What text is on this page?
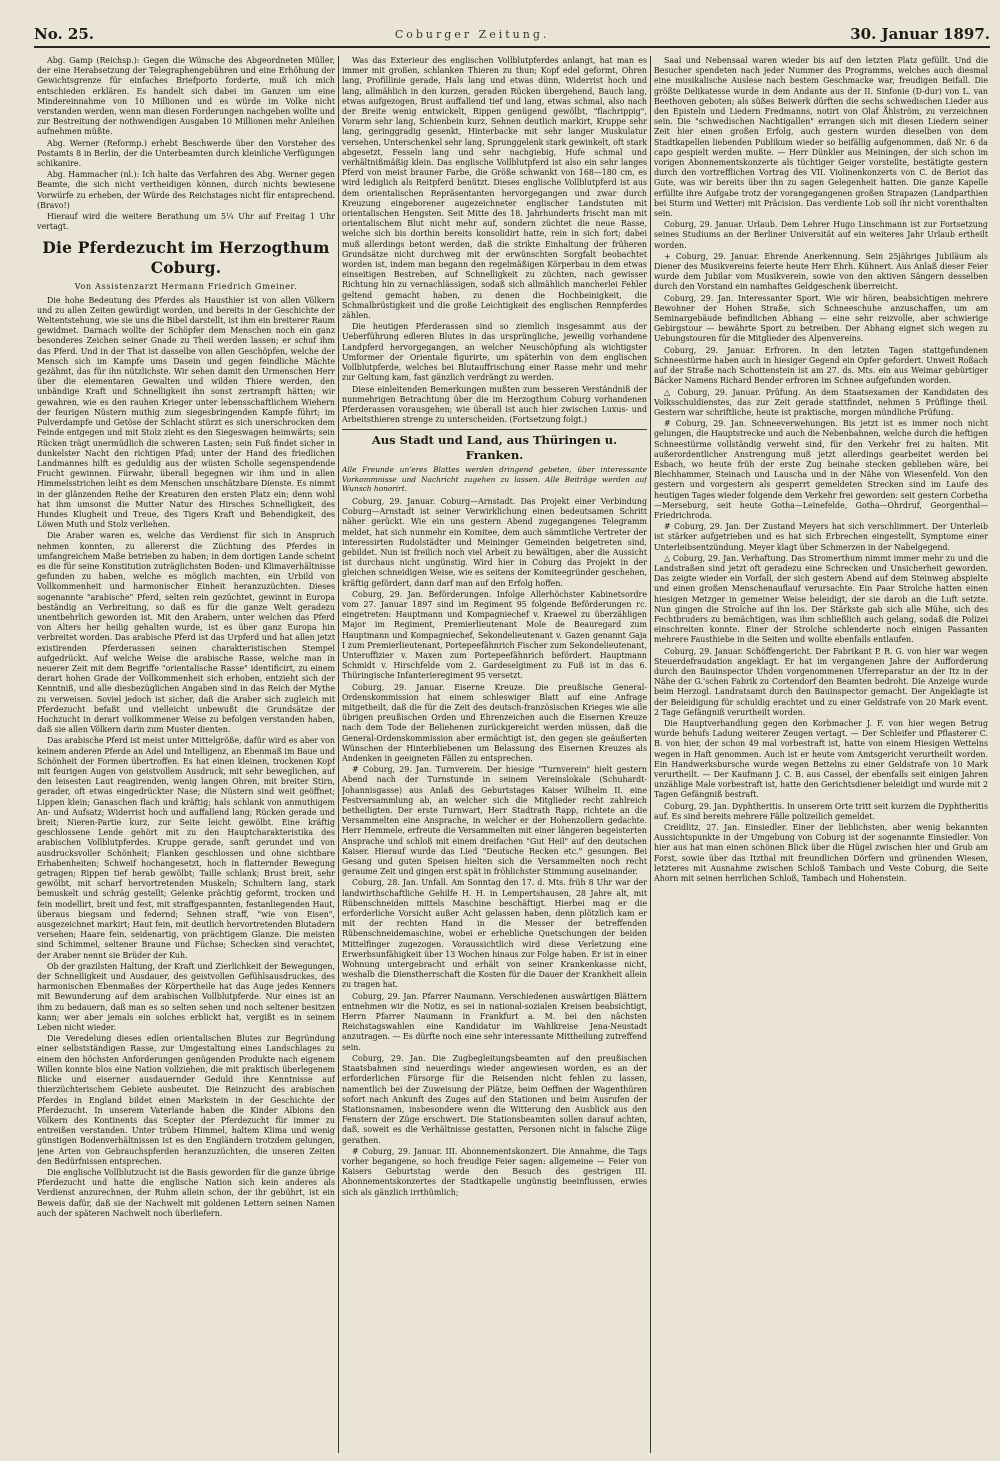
No. 25.	Coburger Zeitung.	30. Januar 1897.

Abg. Gamp (Reichsp.): Gegen die Wünsche des Abgeordneten Müller, der eine Herabsetzung der Telegraphengebühren und eine Erhöhung der Gewichtsgrenze für einfaches Briefporto forderte, muß ich mich entschieden erklären. Es handelt sich dabei im Ganzen um eine Mindereinnahme von 10 Millionen und es würde im Volke nicht verstanden werden, wenn man diesen Forderungen nachgeben wollte und zur Bestreitung der nothwendigen Ausgaben 10 Millionen mehr Anleihen aufnehmen müßte.

Abg. Werner (Reformp.) erhebt Beschwerde über den Vorsteher des Postamts 8 in Berlin, der die Unterbeamten durch kleinliche Verfügungen schikanire.

Abg. Hammacher (nl.): Ich halte das Verfahren des Abg. Werner gegen Beamte, die sich nicht vertheidigen können, durch nichts bewiesene Vorwürfe zu erheben, der Würde des Reichstages nicht für entsprechend. (Bravo!)

Hierauf wird die weitere Berathung um 5¼ Uhr auf Freitag 1 Uhr vertagt.

Die Pferdezucht im Herzogthum Coburg.
Von Assistenzarzt Hermann Friedrich Gmeiner.

Die hohe Bedeutung des Pferdes als Hausthier ist von allen Völkern und zu allen Zeiten gewürdigt worden, und bereits in der Geschichte der Weltentstehung, wie sie uns die Bibel darstellt, ist ihm ein breiterer Raum gewidmet. Darnach wollte der Schöpfer dem Menschen noch ein ganz besonderes Zeichen seiner Gnade zu Theil werden lassen; er schuf ihm das Pferd. Und in der That ist dasselbe von allen Geschöpfen, welche der Mensch sich im Kampfe ums Dasein und gegen feindliche Mächte gezähmt, das für ihn nützlichste. Wir sehen damit den Urmenschen Herr über die elementaren Gewalten und wilden Thiere werden, den unbändige Kraft und Schnelligkeit ihn sonst zertrampft hätten; wir gewahren, wie es den rauhen Krieger unter lebensschaftlichem Wiehern der feurigen Nüstern muthig zum siegesbringenden Kampfe führt; im Pulverdampfe und Getöse der Schlacht stürzt es sich unerschrocken dem Feinde entgegen und mit Stolz zieht es den Siegeswagen heimwärts; sein Rücken trägt unermüdlich die schweren Lasten; sein Fuß findet sicher in dunkelster Nacht den richtigen Pfad; unter der Hand des friedlichen Landmannes hilft es geduldig aus der wüsten Scholle segenspendende Frucht gewinnen. Fürwahr, überall begegnen wir ihm und in allen Himmelsstrichen leiht es dem Menschen unschätzbare Dienste. Es nimmt in der glänzenden Reihe der Kreaturen den ersten Platz ein; denn wohl hat ihm umsonst die Mutter Natur des Hirsches Schnelligkeit, des Hundes Klugheit und Treue, des Tigers Kraft und Behendigkeit, des Löwen Muth und Stolz verliehen.

Die Araber waren es, welche das Verdienst für sich in Anspruch nehmen konnten, zu allererst die Züchtung des Pferdes in umfangreichem Maße betrieben zu haben; in dem dortigen Lande scheint es die für seine Konstitution zuträglichsten Boden- und Klimaverhältnisse gefunden zu haben, welche es möglich machten, ein Urbild von Vollkommenheit und harmonischer Einheit heranzuzüchten. Dieses sogenannte "arabische" Pferd, selten rein gezüchtet, gewinnt in Europa beständig an Verbreitung, so daß es für die ganze Welt geradezu unentbehrlich geworden ist. Mit den Arabern, unter welchen das Pferd von Alters her heilig gehalten wurde, ist es über ganz Europa hin verbreitet worden. Das arabische Pferd ist das Urpferd und hat allen jetzt existirenden Pferderassen seinen charakteristischen Stempel aufgedrückt. Auf welche Weise die arabische Rasse, welche man in neuerer Zeit mit dem Begriffe "orientalische Rasse" identificirt, zu einem derart hohen Grade der Vollkommenheit sich erhoben, entzieht sich der Kenntniß, und alle diesbezüglichen Angaben sind in das Reich der Mythe zu verweisen. Soviel jedoch ist sicher, daß die Araber sich zugleich mit Pferdezucht befaßt und vielleicht unbewußt die Grundsätze der Hochzucht in derart vollkommener Weise zu befolgen verstanden haben, daß sie allen Völkern darin zum Muster dienten.

Das arabische Pferd ist meist unter Mittelgröße, dafür wird es aber von keinem anderen Pferde an Adel und Intelligenz, an Ebenmaß im Baue und Schönheit der Formen übertroffen. Es hat einen kleinen, trockenen Kopf mit feurigen Augen von geistvollem Ausdruck, mit sehr beweglichen, auf den leisesten Laut reagirenden, wenig langen Ohren, mit breiter Stirn, gerader, oft etwas eingedrückter Nase; die Nüstern sind weit geöffnet; Lippen klein; Ganaschen flach und kräftig; hals schlank von anmuthigem An- und Aufsatz; Widerrist hoch und auffallend lang; Rücken gerade und breit; Nieren-Partie kurz, zur Seite leicht gewölbt. Eine kräftig geschlossene Lende gehört mit zu den Hauptcharakteristika des arabischen Vollblutpferdes. Kruppe gerade, sanft gerundet und von ausdrucksvoller Schönheit; Flanken geschlossen und ohne sichtbare Erhabenheiten; Schweif hochangesetzt, hoch in flatternder Bewegung getragen; Rippen tief herab gewölbt; Taille schlank; Brust breit, sehr gewölbt, mit scharf hervortretenden Muskeln; Schultern lang, stark bemuskelt und schräg gestellt; Gelenke prächtig geformt, trocken und fein modellirt, breit und fest, mit straffgespannten, festanliegenden Haut, überaus biegsam und federnd; Sehnen straff, "wie von Eisen", ausgezeichnet markirt; Haut fein, mit deutlich hervortretenden Blutadern versehen; Haare fein, seidenartig, von prächtigem Glanze. Die meisten sind Schimmel, seltener Braune und Füchse; Schecken sind verachtet, der Araber nennt sie Brüder der Kuh.

Ob der grazilsten Haltung, der Kraft und Zierlichkeit der Bewegungen, der Schnelligkeit und Ausdauer, des geistvollen Gefühlsausdruckes, des harmonischen Ebenmaßes der Körpertheile hat das Auge jedes Kenners mit Bewunderung auf dem arabischen Vollblutpferde. Nur eines ist an ihm zu bedauern, daß man es so selten sehen und noch seltener besitzen kann; wer aber jemals ein solches erblickt hat, vergißt es in seinem Leben nicht wieder.

Die Veredelung dieses edlen orientalischen Blutes zur Begründung einer selbstständigen Rasse, zur Umgestaltung eines Landschlages zu einem den höchsten Anforderungen genügenden Produkte nach eigenem Willen konnte blos eine Nation vollziehen, die mit praktisch überlegenem Blicke und eiserner ausdauernder Geduld ihre Kenntnisse auf thierzüchterischem Gebiete ausbeutet. Die Reinzucht des arabischen Pferdes in England bildet einen Markstein in der Geschichte der Pferdezucht. In unserem Vaterlande haben die Kinder Albions den Völkern des Kontinents das Scepter der Pferdezucht für immer zu entreißen verstanden. Unter trübem Himmel, haltem Klima und wenig günstigen Bodenverhältnissen ist es den Engländern trotzdem gelungen, jene Arten von Gebrauchspferden heranzuzüchten, die unseren Zeiten den Bedürfnissen entsprechen.

Die englische Vollblutzucht ist die Basis geworden für die ganze übrige Pferdezucht und hatte die englische Nation sich kein anderes als Verdienst anzurechnen, der Ruhm allein schon, der ihr gebührt, ist ein Beweis dafür, daß sie der Nachwelt mit goldenen Lettern seinen Namen auch der späteren Nachwelt noch überliefern.

Was das Exterieur des englischen Vollblutpferdes anlangt, hat man es immer mit großen, schlanken Thieren zu thun; Kopf edel geformt, Ohren lang, Profillinie gerade, Hals lang und etwas dünn, Widerrist hoch und lang, allmählich in den kurzen, geraden Rücken übergehend, Bauch lang, etwas aufgezogen, Brust auffallend tief und lang, etwas schmal, also nach der Breite wenig entwickelt, Rippen genügend gewölbt, "flachrippig", Vorarm sehr lang, Schienbein kurz, Sehnen deutlich markirt, Kruppe sehr lang, geringgradig gesenkt, Hinterbacke mit sehr langer Muskulatur versehen, Unterschenkel sehr lang, Sprunggelenk stark gewinkelt, oft stark abgesetzt, Fesseln lang und sehr nachgiebig, Hufe schmal und verhältnißmäßig klein. Das englische Vollblutpferd ist also ein sehr langes Pferd von meist brauner Farbe, die Größe schwankt von 168—180 cm, es wird lediglich als Reitpferd benützt. Dieses englische Vollblutpferd ist aus dem orientalischen Repräsentanten hervorgegangen und zwar durch Kreuzung eingeborener augezeichneter englischer Landstuten mit orientalischen Hengsten. Seit Mitte des 18. Jahrhunderts frischt man mit orientalischem Blut nicht mehr auf, sondern züchtet die neue Rasse, welche sich bis dorthin bereits konsolidirt hatte, rein in sich fort; dabei muß allerdings betont werden, daß die strikte Einhaltung der früheren Grundsätze nicht durchweg mit der erwünschten Sorgfalt beobachtet worden ist, indem man begann den regelmäßigen Körperbau in dem etwas einseitigen Bestreben, auf Schnelligkeit zu züchten, nach gewisser Richtung hin zu vernachlässigen, sodaß sich allmählich mancherlei Fehler geltend gemacht haben, zu denen die Hochbeinigkeit, die Schmalbrüstigkeit und die große Leichtigkeit des englischen Rennpferdes zählen.

Die heutigen Pferderassen sind so ziemlich insgesammt aus der Ueberführung edleren Blutes in das ursprüngliche, jeweilig vorhandene Landpferd hervorgegangen, an welcher Neuschöpfung als wichtigster Umformer der Orientale figurirte, um späterhin von dem englischen Vollblutpferde, welches bei Blutauffrischung einer Rasse mehr und mehr zur Geltung kam, fast gänzlich verdrängt zu werden.

Diese einleitenden Bemerkungen mußten zum besseren Verständniß der nunmehrigen Betrachtung über die im Herzogthum Coburg vorhandenen Pferderassen vorausgehen; wie überall ist auch hier zwischen Luxus- und Arbeitsthieren strenge zu unterscheiden. (Fortsetzung folgt.)

Aus Stadt und Land, aus Thüringen u. Franken.
Alle Freunde un'eres Blattes werden dringend gebeten, über interessante Vorkommnisse und Nachricht zugehen zu lassen. Alle Beiträge werden auf Wunsch honorirt.

Coburg, 29. Januar. Coburg—Arnstadt. Das Projekt einer Verbindung Coburg—Arnstadt ist seiner Verwirklichung einen bedeutsamen Schritt näher gerückt. Wie ein uns gestern Abend zugegangenes Telegramm meldet, hat sich nunmehr ein Komitee, dem auch sämmtliche Vertreter der interessirten Rudolstädter und Meininger Gemeinden beigetreten sind, gebildet. Nun ist freilich noch viel Arbeit zu bewältigen, aber die Aussicht ist durchaus nicht ungünstig. Wird hier in Coburg das Projekt in der gleichen schneidigen Weise, wie es seitens der Komiteegründer geschehen, kräftig gefördert, dann darf man auf den Erfolg hoffen.

Coburg, 29. Jan. Beförderungen. Infolge Allerhöchster Kabinetsordre vom 27. Januar 1897 sind im Regiment 95 folgende Beförderungen rc. eingetreten: Hauptmann und Kompagniechef v. Kraewel zu überzähligen Major im Regiment, Premierlieutenant Mole de Beauregard zum Hauptmann und Kompagniechef, Sekondelieutenant v. Gazen genannt Gaja I zum Premierlieutenant, Portepeefähnrich Fischer zum Sekondelieutenant, Unteroffizier v. Maxen zum Portepeefähnrich befördert. Hauptmann Schmidt v. Hirschfelde vom 2. Gardeselgiment zu Fuß ist in das 6. Thüringische Infanterieregiment 95 versetzt.

Coburg, 29. Januar. Eiserne Kreuze. Die preußische General-Ordenskommission hat einem schleswiger Blatt auf eine Anfrage mitgetheilt, daß die für die Zeit des deutsch-französischen Krieges wie alle übrigen preußischen Orden und Ehrenzeichen auch die Eisernen Kreuze nach dem Tode der Beliehenen zurückgereicht werden müssen, daß die General-Ordenskommission aber ermächtigt ist, den gegen sie geäußerten Wünschen der Hinterbliebenen um Belassung des Eisernen Kreuzes als Andenken in geeigneten Fällen zu entsprechen.

# Coburg, 29. Jan. Turnverein. Der hiesige "Turnverein" hielt gestern Abend nach der Turnstunde in seinem Vereinslokale (Schuhardt-Johannisgasse) aus Anlaß des Geburtstages Kaiser Wilhelm II. eine Festversammlung ab, an welcher sich die Mitglieder recht zahlreich betheiligten. Der erste Turnwart, Herr Stadtrath Rapp, richtete an die Versammelten eine Ansprache, in welcher er der Hohenzollern gedachte. Herr Hemmele, erfreute die Versammelten mit einer längeren begeisterten Ansprache und schloß mit einem dreifachen "Gut Heil" auf den deutschen Kaiser. Hierauf wurde das Lied "Deutsche Recken etc." gesungen. Bei Gesang und guten Speisen hielten sich die Versammelten noch recht geraume Zeit und gingen erst spät in fröhlichster Stimmung auseinander.

Coburg, 28. Jan. Unfall. Am Sonntag den 17. d. Mts. früh 8 Uhr war der landwirthschaftliche Gehilfe H. H. in Lempertshausen, 28 Jahre alt, mit Rübenschneiden mittels Maschine beschäftigt. Hierbei mag er die erforderliche Vorsicht außer Acht gelassen haben, denn plötzlich kam er mit der rechten Hand in die Messer der betreffenden Rübenschneidemaschine, wobei er erhebliche Quetschungen der beiden Mittelfinger zugezogen. Voraussichtlich wird diese Verletzung eine Erwerbsunfähigkeit über 13 Wochen hinaus zur Folge haben. Er ist in einer Wohnung untergebracht und erhält von seiner Krankenkasse nicht, weshalb die Dienstherrschaft die Kosten für die Dauer der Krankheit allein zu tragen hat.

Coburg, 29. Jan. Pfarrer Naumann. Verschiedenen auswärtigen Blättern entnehmen wir die Notiz, es sei in national-sozialen Kreisen beabsichtigt, Herrn Pfarrer Naumann in Frankfurt a. M. bei den nächsten Reichstagswahlen eine Kandidatur im Wahlkreise Jena-Neustadt anzutragen. — Es dürfte noch eine sehr interessante Mittheilung zutreffend sein.

Coburg, 29. Jan. Die Zugbegleitungsbeamten auf den preußischen Staatsbahnen sind neuerdings wieder angewiesen worden, es an der erforderlichen Fürsorge für die Reisenden nicht fehlen zu lassen, namentlich bei der Zuweisung der Plätze, beim Oeffnen der Wagenthüren sofort nach Ankunft des Zuges auf den Stationen und beim Ausrufen der Stationsnamen, insbesondere wenn die Witterung den Ausblick aus den Fenstern der Züge erschwert. Die Stationsbeamten sollen darauf achten, daß, soweit es die Verhältnisse gestatten, Personen nicht in falsche Züge gerathen.

# Coburg, 29. Januar. III. Abonnementskonzert. Die Annahme, die Tags vorher begangene, so hoch freudige Feier sagen: allgemeine — Feier von Kaisers Geburtstag werde den Besuch des gestrigen III. Abonnementskonzertes der Stadtkapelle ungünstig beeinflussen, erwies sich als gänzlich irrthümlich;

Saal und Nebensaal waren wieder bis auf den letzten Platz gefüllt. Und die Besucher spendeten nach jeder Nummer des Programms, welches auch diesmal eine musikalische Auslese nach bestem Geschmacke war, freudigen Beifall. Die größte Delikatesse wurde in dem Andante aus der II. Sinfonie (D-dur) von L. van Beethoven geboten; als süßes Beiwerk dürften die sechs schwedischen Lieder aus den Episteln und Liedern Fredmanns, notirt von Olaf Åhlström, zu verzeichnen sein. Die "schwedischen Nachtigallen" errangen sich mit diesen Liedern seiner Zeit hier einen großen Erfolg, auch gestern wurden dieselben von dem Stadtkapellen liebenden Publikum wieder so beifällig aufgenommen, daß Nr. 6 da capo gespielt werden mußte. — Herr Dünkler aus Meiningen, der sich schon im vorigen Abonnementskonzerte als tüchtiger Geiger vorstellte, bestätigte gestern durch den vortrefflichen Vortrag des VII. Violinenkonzerts von C. de Beriot das Gute, was wir bereits über ihn zu sagen Gelegenheit hatten. Die ganze Kapelle erfüllte ihre Aufgabe trotz der vorangegangenen großen Strapazen (Landparthien bei Sturm und Wetter) mit Präcision. Das verdiente Lob soll ihr nicht vorenthalten sein.

Coburg, 29. Januar. Urlaub. Dem Lehrer Hugo Linschmann ist zur Fortsetzung seines Studiums an der Berliner Universität auf ein weiteres Jahr Urlaub ertheilt worden.

+ Coburg, 29. Januar. Ehrende Anerkennung. Sein 25jähriges Jubiläum als Diener des Musikvereins feierte heute Herr Ehrh. Kühnert. Aus Anlaß dieser Feier wurde dem Jubilar vom Musikverein, sowie von den aktiven Sängern desselben durch den Vorstand ein namhaftes Geldgeschenk überreicht.

Coburg, 29. Jan. Interessanter Sport. Wie wir hören, beabsichtigen mehrere Bewohner der Hohen Straße, sich Schneeschuhe anzuschaffen, um am Seminargebäude befindlichen Abhang — eine sehr reizvolle, aber schwierige Gebirgstour — bewährte Sport zu betreiben. Der Abhang eignet sich wegen zu Uebungstouren für die Mitglieder des Alpenvereins.

Coburg, 29. Januar. Erfroren. In den letzten Tagen stattgefundenen Schneestürme haben auch in hiesiger Gegend ein Opfer gefordert. Unweit Roßach auf der Straße nach Schottenstein ist am 27. ds. Mts. ein aus Weimar gebürtiger Bäcker Namens Richard Bender erfroren im Schnee aufgefunden worden.

△ Coburg, 29. Januar. Prüfung. An dem Staatsexamen der Kandidaten des Volksschuldienstes, das zur Zeit gerade stattfindet, nehmen 5 Prüflinge theil. Gestern war schriftliche, heute ist praktische, morgen mündliche Prüfung.

# Coburg, 29. Jan. Schneeverwehungen. Bis jetzt ist es immer noch nicht gelungen, die Hauptstrecke und auch die Nebenbahnen, welche durch die heftigen Schneestürme vollständig verweht sind, für den Verkehr frei zu halten. Mit außerordentlicher Anstrengung muß jetzt allerdings gearbeitet werden bei Esbach, wo heute früh der erste Zug beinahe stecken geblieben wäre, bei Blechhammer, Steinach und Lauscha und in der Nähe von Wiesenfeld. Von den gestern und vorgestern als gesperrt gemeldeten Strecken sind im Laufe des heutigen Tages wieder folgende dem Verkehr frei geworden: seit gestern Corbetha—Merseburg, seit heute Gotha—Leinefelde, Gotha—Ohrdruf, Georgenthal—Friedrichroda.

# Coburg, 29. Jan. Der Zustand Meyers hat sich verschlimmert. Der Unterleib ist stärker aufgetrieben und es hat sich Erbrechen eingestellt, Symptome einer Unterleibsentzündung. Meyer klagt über Schmerzen in der Nabelgegend.

△ Coburg, 29. Jan. Verhaftung. Das Stromerthum nimmt immer mehr zu und die Landstraßen sind jetzt oft geradezu eine Schrecken und Unsicherheit geworden. Das zeigte wieder ein Vorfall, der sich gestern Abend auf dem Steinweg abspielte und einen großen Menschenauflauf verursachte. Ein Paar Strolche hatten einen hiesigen Metzger in gemeiner Weise beleidigt, der sie darob an die Luft setzte. Nun gingen die Strolche auf ihn los. Der Stärkste gab sich alle Mühe, sich des Fechtbruders zu bemächtigen, was ihm schließlich auch gelang, sodaß die Polizei einschreiten konnte. Einer der Strolche schlenderte noch einigen Passanten mehrere Fausthiebe in die Seiten und wollte ebenfalls entlaufen.

Coburg, 29. Januar. Schöffengericht. Der Fabrikant P. R. G. von hier war wegen Steuerdefraudation angeklagt. Er hat im vergangenen Jahre der Aufforderung durch den Bauinspector Uhden vorgenommenen Uferreparatur an der Itz in der Nähe der G.'schen Fabrik zu Cortendorf den Beamten bedroht. Die Anzeige wurde beim Herzogl. Landratsamt durch den Bauinspector gemacht. Der Angeklagte ist der Beleidigung für schuldig erachtet und zu einer Geldstrafe von 20 Mark event. 2 Tage Gefängniß verurtheilt worden.

Die Hauptverhandlung gegen den Korbmacher J. F. von hier wegen Betrug wurde behufs Ladung weiterer Zeugen vertagt. — Der Schleifer und Pflasterer C. B. von hier, der schon 49 mal vorbestraft ist, hatte von einem Hiesigen Wettelns wegen in Haft genommen. Auch ist er heute vom Amtsgericht verurtheilt worden. Ein Handwerksbursche wurde wegen Bettelns zu einer Geldstrafe von 10 Mark verurtheilt. — Der Kaufmann J. C. B. aus Cassel, der ebenfalls seit einigen Jahren unzählige Male vorbestraft ist, hatte den Gerichtsdiener beleidigt und wurde mit 2 Tagen Gefängniß bestraft.

Coburg, 29. Jan. Dyphtheritis. In unserem Orte tritt seit kurzem die Dyphtheritis auf. Es sind bereits mehrere Fälle polizeilich gemeldet.

Creidlitz, 27. Jan. Einsiedler. Einer der lieblichsten, aber wenig bekannten Aussichtspunkte in der Umgebung von Coburg ist der sogenannte Einsiedler. Von hier aus hat man einen schönen Blick über die Hügel zwischen hier und Grub am Forst, sowie über das Itzthal mit freundlichen Dörfern und grünenden Wiesen, letzteres mit Ausnahme zwischen Schloß Tambach und Veste Coburg, die Seite Ahorn mit seinen herrlichen Schloß, Tambach und Hohenstein.
